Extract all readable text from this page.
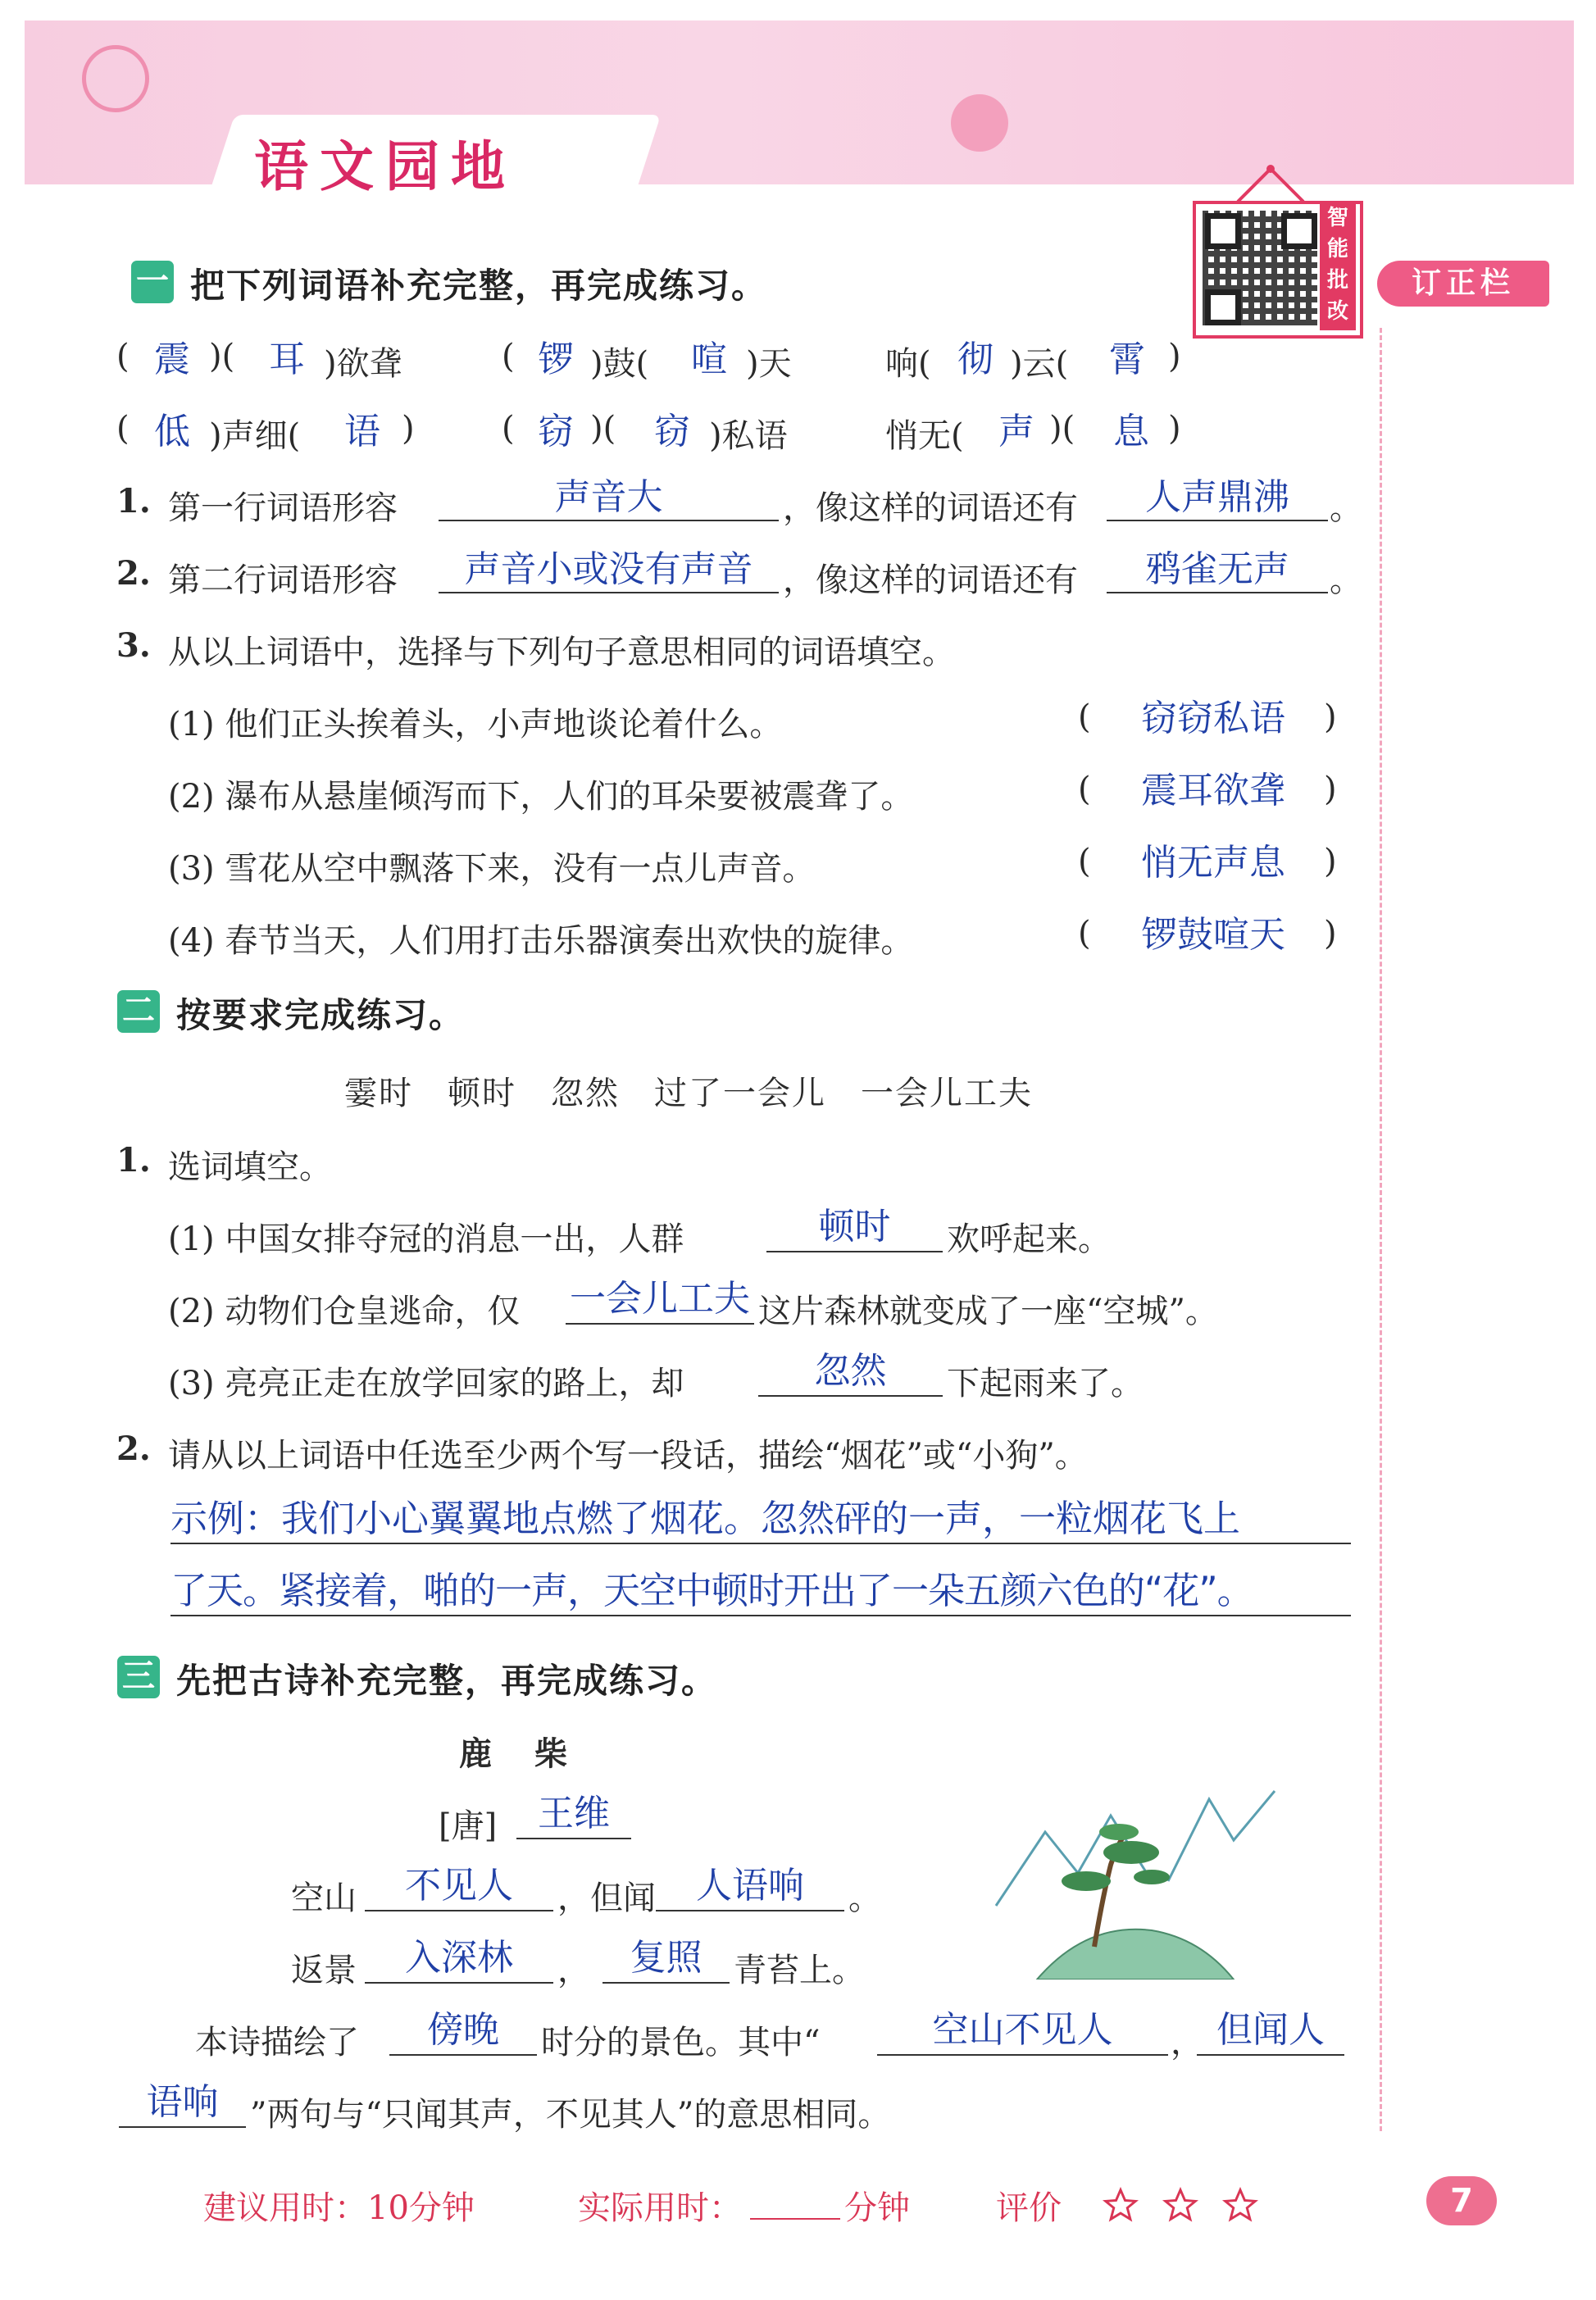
语文园地
智
能
批
改
订正栏
一 把下列词语补充完整，再完成练习。
( 震 )( 耳 )欲聋	( 锣 )鼓( 喧 )天	响( 彻 )云( 霄 )
( 低 )声细( 语 )	( 窃 )( 窃 )私语	悄无( 声 )( 息 )
1. 第一行词语形容	声音大	，像这样的词语还有	人声鼎沸	。
2. 第二行词语形容	声音小或没有声音 ，像这样的词语还有	鸦雀无声	。
3. 从以上词语中，选择与下列句子意思相同的词语填空。
(1) 他们正头挨着头，小声地谈论着什么。	(	窃窃私语	)
(2) 瀑布从悬崖倾泻而下，人们的耳朵要被震聋了。	(	震耳欲聋	)
(3) 雪花从空中飘落下来，没有一点儿声音。	(	悄无声息	)
(4) 春节当天，人们用打击乐器演奏出欢快的旋律。	(	锣鼓喧天	)
二 按要求完成练习。
霎时　顿时　忽然　过了一会儿　一会儿工夫
1. 选词填空。
(1) 中国女排夺冠的消息一出，人群	顿时	欢呼起来。
(2) 动物们仓皇逃命，仅 一会儿工夫 这片森林就变成了一座“空城”。
(3) 亮亮正走在放学回家的路上，却	忽然	下起雨来了。
2. 请从以上词语中任选至少两个写一段话，描绘“烟花”或“小狗”。
示例：我们小心翼翼地点燃了烟花。忽然砰的一声，一粒烟花飞上
了天。紧接着，啪的一声，天空中顿时开出了一朵五颜六色的“花”。
三 先把古诗补充完整，再完成练习。
鹿　柴
[唐]	王维
空山	不见人	，但闻	人语响	。
返景	入深林	，	复照 青苔上。
本诗描绘了	傍晚	时分的景色。其中“	空山不见人	， 但闻人
语响 ”两句与“只闻其声，不见其人”的意思相同。
建议用时：10分钟	实际用时：	分钟	评价	7
